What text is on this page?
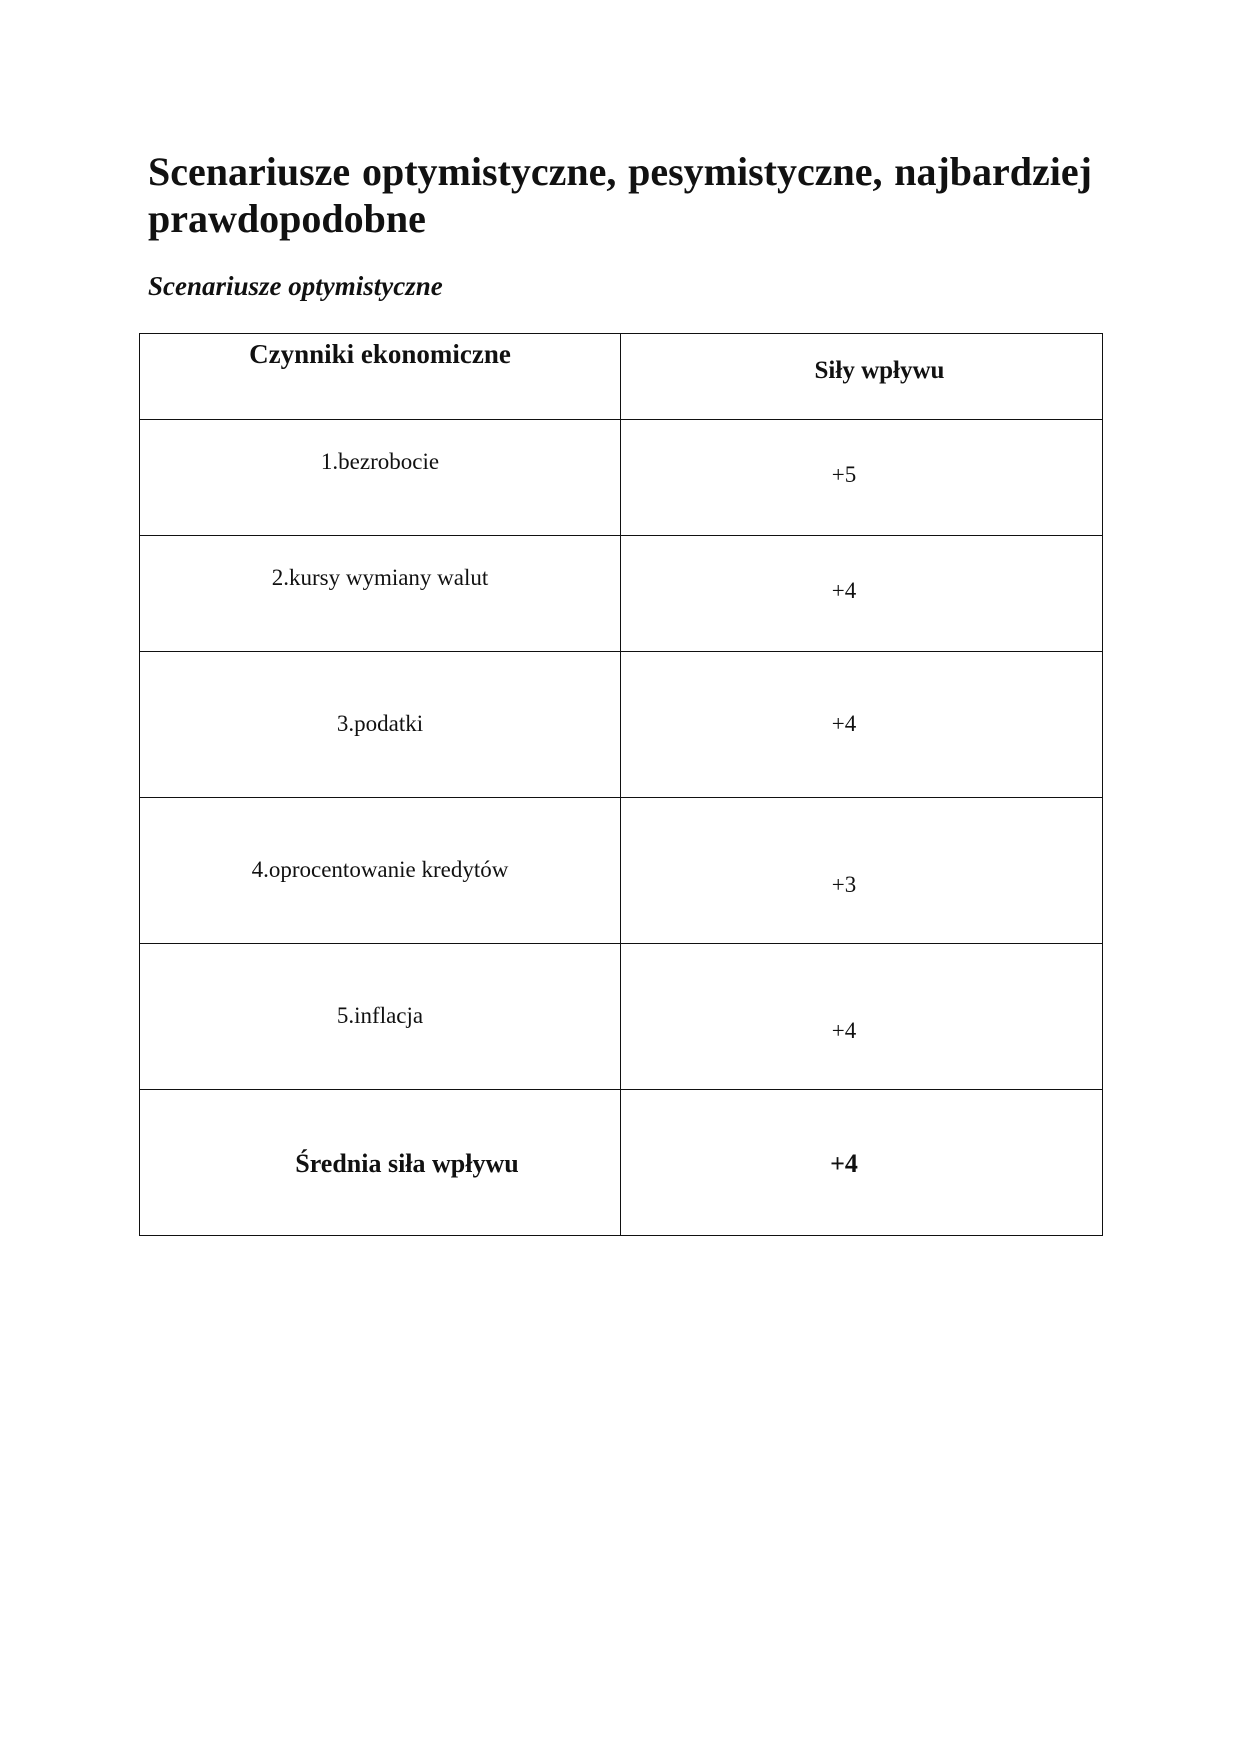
Scenariusze optymistyczne, pesymistyczne, najbardziej prawdopodobne
Scenariusze optymistyczne
Czynniki ekonomiczne	Siły wpływu

1.bezrobocie	+5

2.kursy wymiany walut	+4

3.podatki	+4

4.oprocentowanie kredytów	+3

5.inflacja	+4

Średnia siła wpływu	+4
